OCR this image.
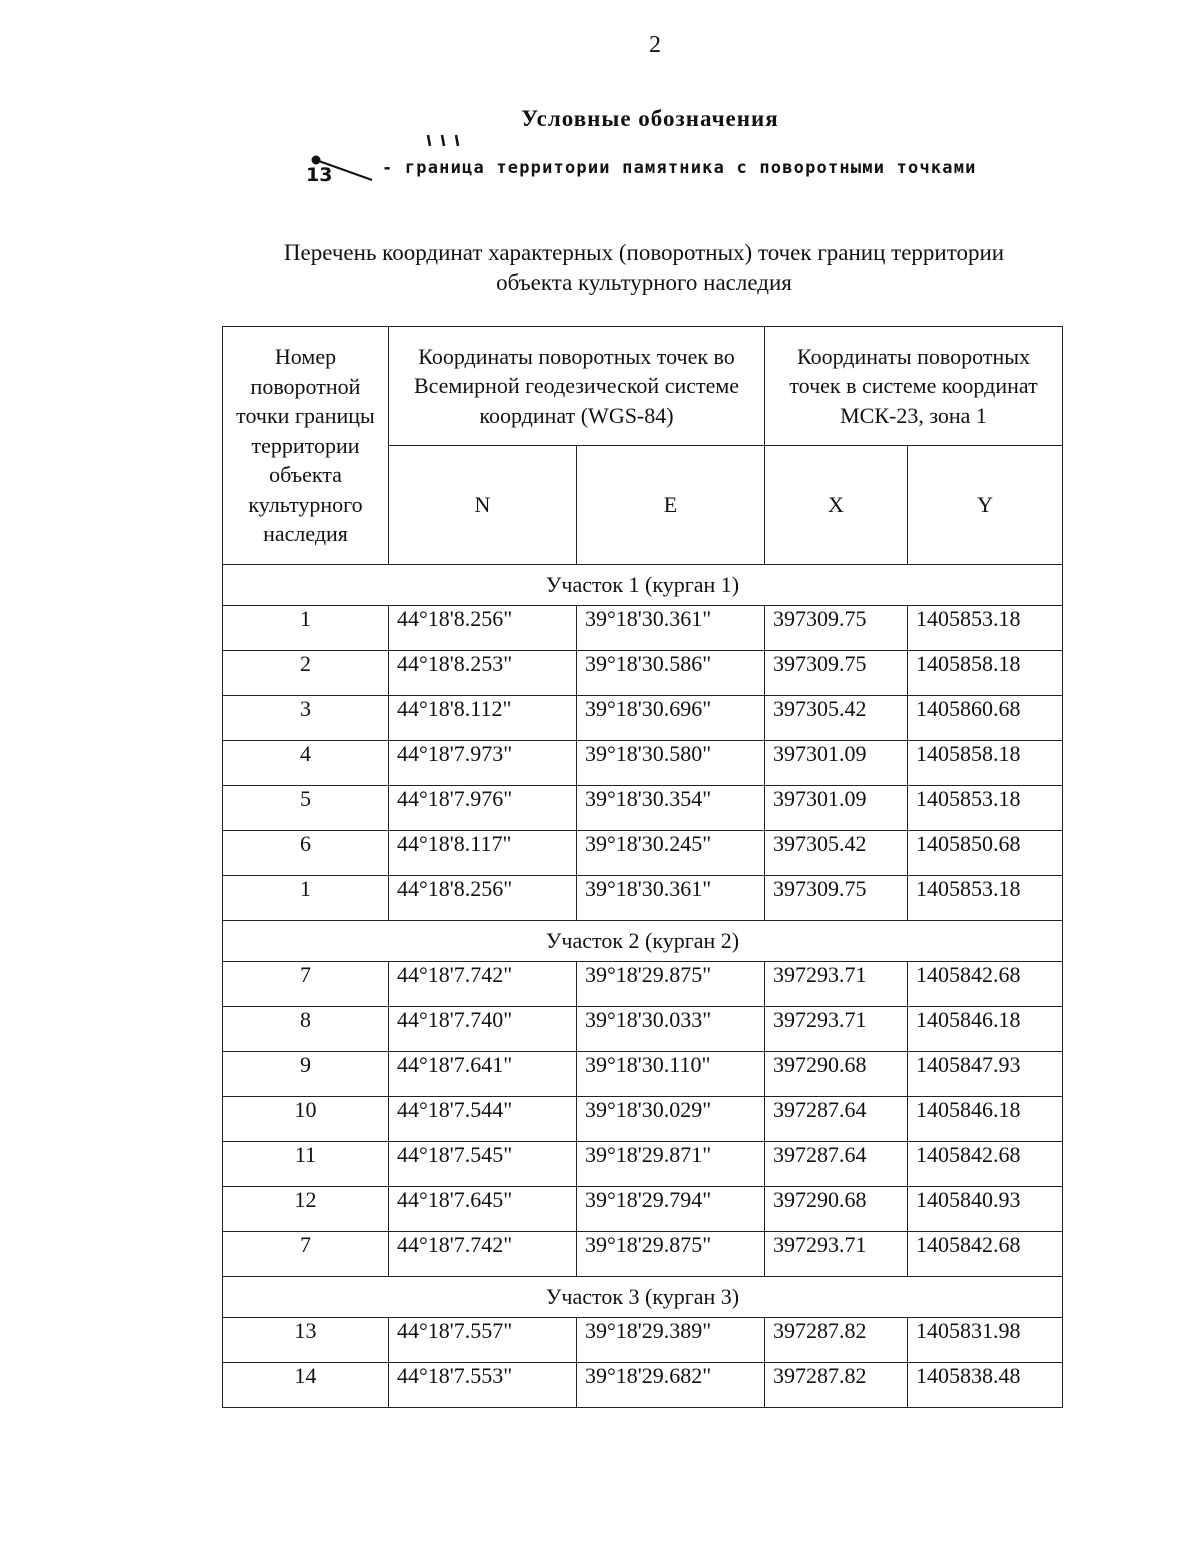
2
Условные обозначения
13	- граница территории памятника с поворотными точками
Перечень координат характерных (поворотных) точек границ территории
объекта культурного наследия
Номер поворотной точки границы территории объекта культурного наследия	Координаты поворотных точек во Всемирной геодезической системе координат (WGS-84)		Координаты поворотных точек в системе координат МСК-23, зона 1	
	N	E	X	Y
Участок 1 (курган 1)				
1	44°18'8.256"	39°18'30.361"	397309.75	1405853.18
2	44°18'8.253"	39°18'30.586"	397309.75	1405858.18
3	44°18'8.112"	39°18'30.696"	397305.42	1405860.68
4	44°18'7.973"	39°18'30.580"	397301.09	1405858.18
5	44°18'7.976"	39°18'30.354"	397301.09	1405853.18
6	44°18'8.117"	39°18'30.245"	397305.42	1405850.68
1	44°18'8.256"	39°18'30.361"	397309.75	1405853.18
Участок 2 (курган 2)				
7	44°18'7.742"	39°18'29.875"	397293.71	1405842.68
8	44°18'7.740"	39°18'30.033"	397293.71	1405846.18
9	44°18'7.641"	39°18'30.110"	397290.68	1405847.93
10	44°18'7.544"	39°18'30.029"	397287.64	1405846.18
11	44°18'7.545"	39°18'29.871"	397287.64	1405842.68
12	44°18'7.645"	39°18'29.794"	397290.68	1405840.93
7	44°18'7.742"	39°18'29.875"	397293.71	1405842.68
Участок 3 (курган 3)				
13	44°18'7.557"	39°18'29.389"	397287.82	1405831.98
14	44°18'7.553"	39°18'29.682"	397287.82	1405838.48
